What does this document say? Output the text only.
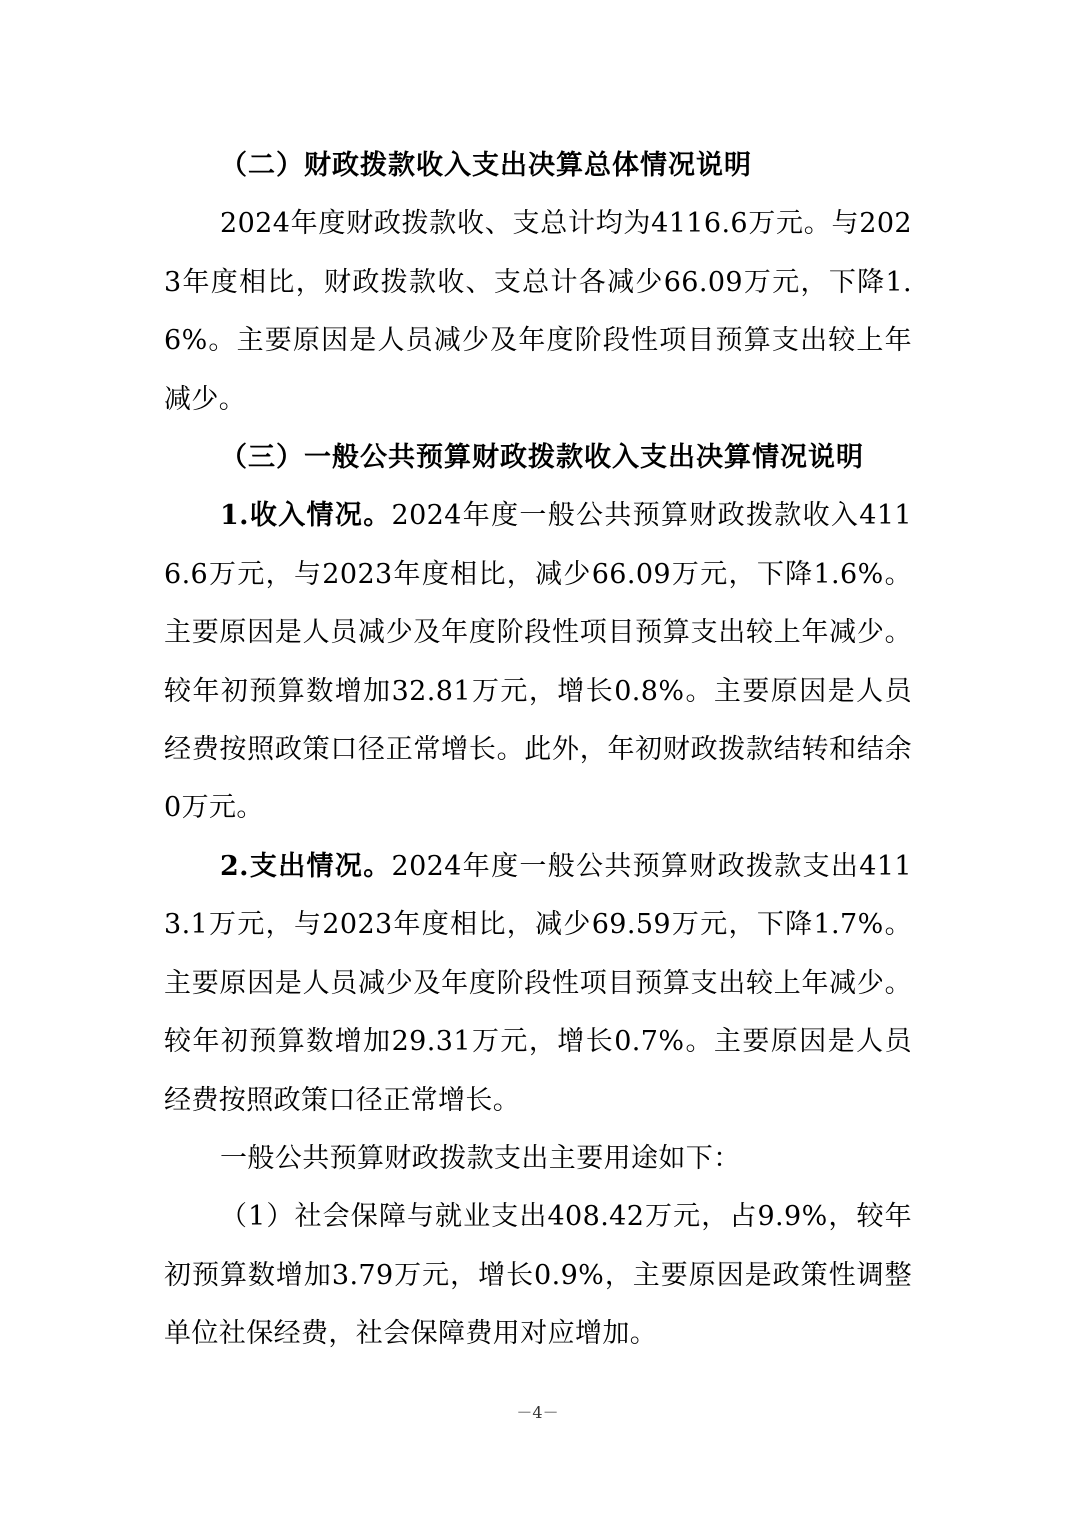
（二）财政拨款收入支出决算总体情况说明

2024年度财政拨款收、支总计均为4116.6万元。与2023年度相比，财政拨款收、支总计各减少66.09万元，下降1.6%。主要原因是人员减少及年度阶段性项目预算支出较上年减少。

（三）一般公共预算财政拨款收入支出决算情况说明

1.收入情况。2024年度一般公共预算财政拨款收入4116.6万元，与2023年度相比，减少66.09万元，下降1.6%。主要原因是人员减少及年度阶段性项目预算支出较上年减少。较年初预算数增加32.81万元，增长0.8%。主要原因是人员经费按照政策口径正常增长。此外，年初财政拨款结转和结余0万元。

2.支出情况。2024年度一般公共预算财政拨款支出4113.1万元，与2023年度相比，减少69.59万元，下降1.7%。主要原因是人员减少及年度阶段性项目预算支出较上年减少。较年初预算数增加29.31万元，增长0.7%。主要原因是人员经费按照政策口径正常增长。

一般公共预算财政拨款支出主要用途如下：

（1）社会保障与就业支出408.42万元，占9.9%，较年初预算数增加3.79万元，增长0.9%，主要原因是政策性调整单位社保经费，社会保障费用对应增加。

－4－
